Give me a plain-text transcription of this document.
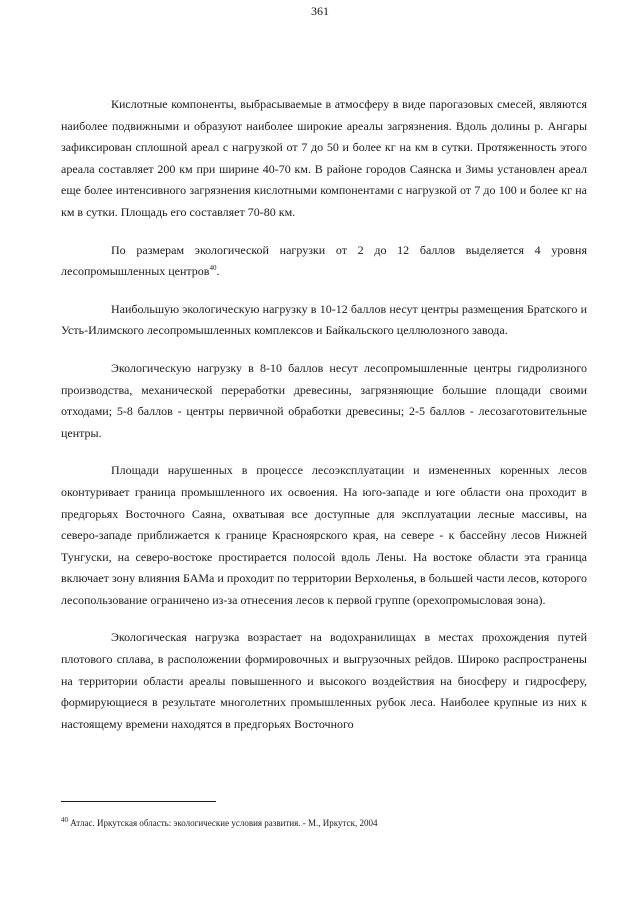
361

Кислотные компоненты, выбрасываемые в атмосферу в виде парогазовых смесей, являются наиболее подвижными и образуют наиболее широкие ареалы загрязнения. Вдоль долины р. Ангары зафиксирован сплошной ареал с нагрузкой от 7 до 50 и более кг на км в сутки. Протяженность этого ареала составляет 200 км при ширине 40-70 км. В районе городов Саянска и Зимы установлен ареал еще более интенсивного загрязнения кислотными компонентами с нагрузкой от 7 до 100 и более кг на км в сутки. Площадь его составляет 70-80 км.

По размерам экологической нагрузки от 2 до 12 баллов выделяется 4 уровня лесопромышленных центров$^{40}$.

Наибольшую экологическую нагрузку в 10-12 баллов несут центры размещения Братского и Усть-Илимского лесопромышленных комплексов и Байкальского целлюлозного завода.

Экологическую нагрузку в 8-10 баллов несут лесопромышленные центры гидролизного производства, механической переработки древесины, загрязняющие большие площади своими отходами; 5-8 баллов - центры первичной обработки древесины; 2-5 баллов - лесозаготовительные центры.

Площади нарушенных в процессе лесоэксплуатации и измененных коренных лесов оконтуривает граница промышленного их освоения. На юго-западе и юге области она проходит в предгорьях Восточного Саяна, охватывая все доступные для эксплуатации лесные массивы, на северо-западе приближается к границе Красноярского края, на севере - к бассейну лесов Нижней Тунгуски, на северо-востоке простирается полосой вдоль Лены. На востоке области эта граница включает зону влияния БАМа и проходит по территории Верхоленья, в большей части лесов, которого лесопользование ограничено из-за отнесения лесов к первой группе (орехопромысловая зона).

Экологическая нагрузка возрастает на водохранилищах в местах прохождения путей плотового сплава, в расположении формировочных и выгрузочных рейдов. Широко распространены на территории области ареалы повышенного и высокого воздействия на биосферу и гидросферу, формирующиеся в результате многолетних промышленных рубок леса. Наиболее крупные из них к настоящему времени находятся в предгорьях Восточного

$^{40}$ Атлас. Иркутская область: экологические условия развития. - М., Иркутск, 2004
